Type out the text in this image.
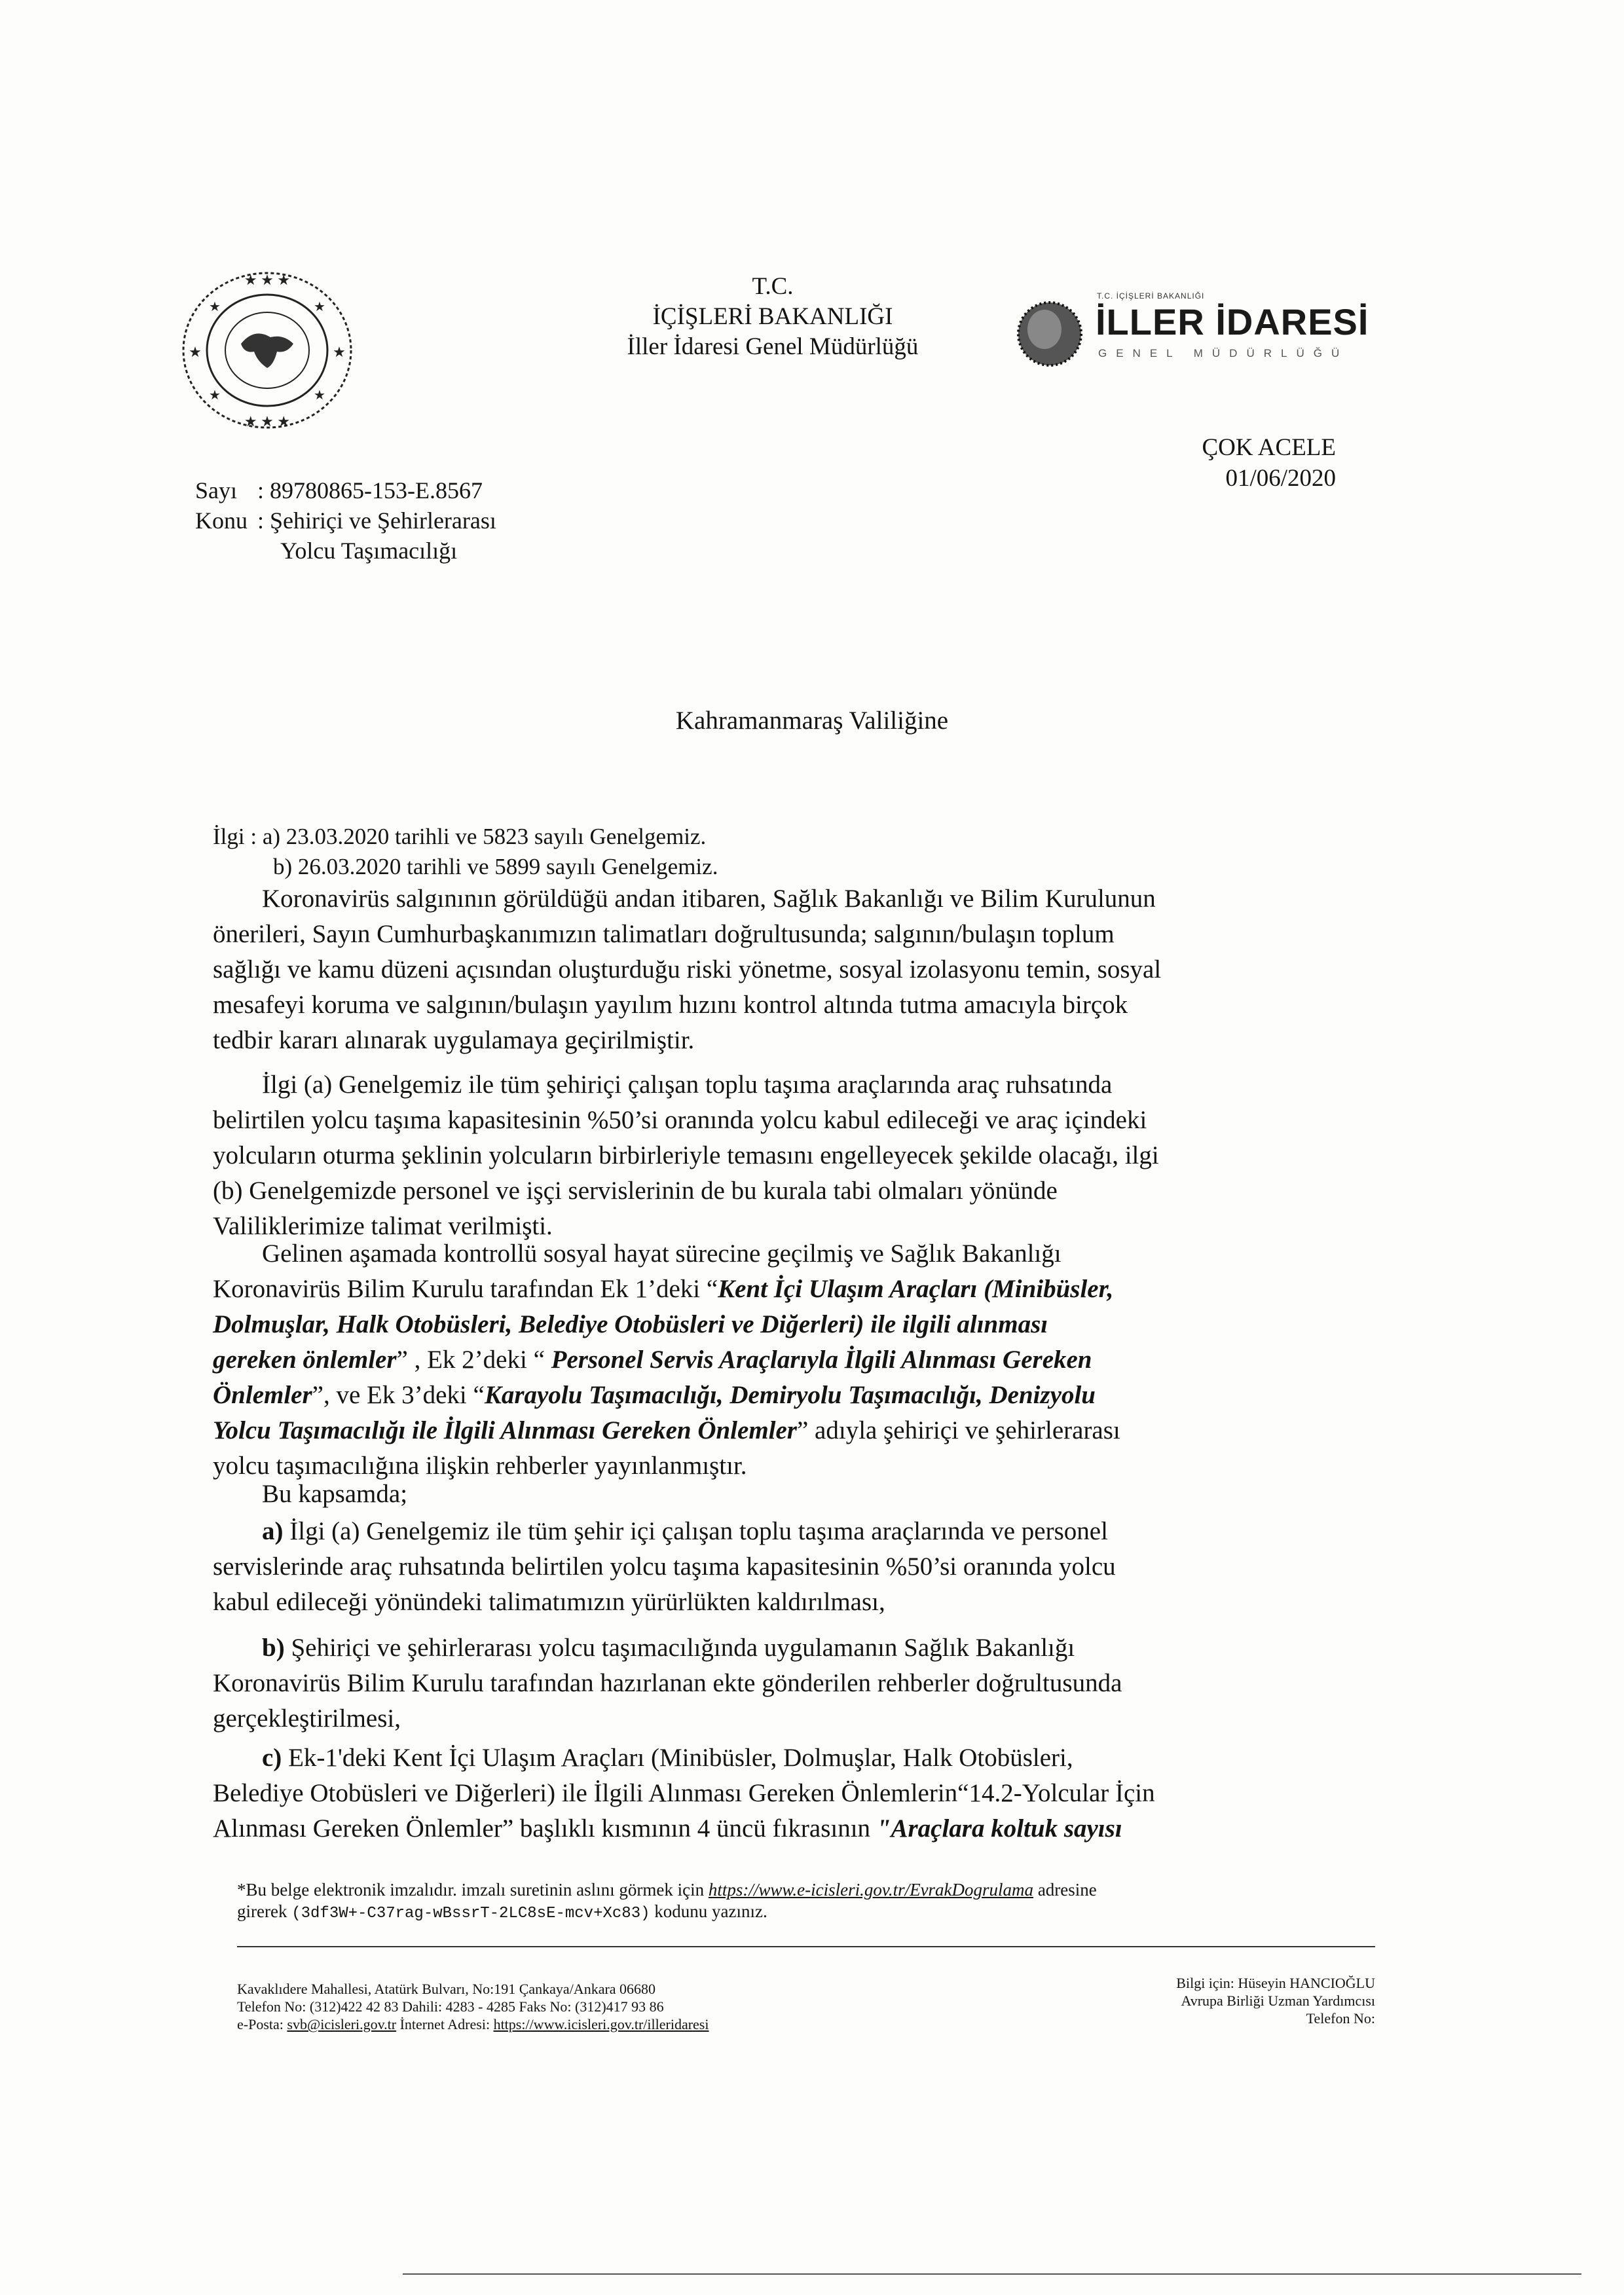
★ ★ ★
★	★
★ ★ ★
★	★
★	★
T.C.
İÇİŞLERİ BAKANLIĞI
İller İdaresi Genel Müdürlüğü
T.C. İÇİŞLERİ BAKANLIĞI
İLLER İDARESİ
GENEL MÜDÜRLÜĞÜ
ÇOK ACELE
01/06/2020
Sayı : 89780865-153-E.8567
Konu : Şehiriçi ve Şehirlerarası
Yolcu Taşımacılığı
Kahramanmaraş Valiliğine
İlgi : a) 23.03.2020 tarihli ve 5823 sayılı Genelgemiz.
b) 26.03.2020 tarihli ve 5899 sayılı Genelgemiz.
Koronavirüs salgınının görüldüğü andan itibaren, Sağlık Bakanlığı ve Bilim Kurulunun
önerileri, Sayın Cumhurbaşkanımızın talimatları doğrultusunda; salgının/bulaşın toplum
sağlığı ve kamu düzeni açısından oluşturduğu riski yönetme, sosyal izolasyonu temin, sosyal
mesafeyi koruma ve salgının/bulaşın yayılım hızını kontrol altında tutma amacıyla birçok
tedbir kararı alınarak uygulamaya geçirilmiştir.
İlgi (a) Genelgemiz ile tüm şehiriçi çalışan toplu taşıma araçlarında araç ruhsatında
belirtilen yolcu taşıma kapasitesinin %50’si oranında yolcu kabul edileceği ve araç içindeki
yolcuların oturma şeklinin yolcuların birbirleriyle temasını engelleyecek şekilde olacağı, ilgi
(b) Genelgemizde personel ve işçi servislerinin de bu kurala tabi olmaları yönünde
Valiliklerimize talimat verilmişti.
Gelinen aşamada kontrollü sosyal hayat sürecine geçilmiş ve Sağlık Bakanlığı
Koronavirüs Bilim Kurulu tarafından Ek 1’deki “Kent İçi Ulaşım Araçları (Minibüsler,
Dolmuşlar, Halk Otobüsleri, Belediye Otobüsleri ve Diğerleri) ile ilgili alınması
gereken önlemler” , Ek 2’deki “ Personel Servis Araçlarıyla İlgili Alınması Gereken
Önlemler”, ve Ek 3’deki “Karayolu Taşımacılığı, Demiryolu Taşımacılığı, Denizyolu
Yolcu Taşımacılığı ile İlgili Alınması Gereken Önlemler” adıyla şehiriçi ve şehirlerarası
yolcu taşımacılığına ilişkin rehberler yayınlanmıştır.
Bu kapsamda;
a) İlgi (a) Genelgemiz ile tüm şehir içi çalışan toplu taşıma araçlarında ve personel
servislerinde araç ruhsatında belirtilen yolcu taşıma kapasitesinin %50’si oranında yolcu
kabul edileceği yönündeki talimatımızın yürürlükten kaldırılması,
b) Şehiriçi ve şehirlerarası yolcu taşımacılığında uygulamanın Sağlık Bakanlığı
Koronavirüs Bilim Kurulu tarafından hazırlanan ekte gönderilen rehberler doğrultusunda
gerçekleştirilmesi,
c) Ek-1'deki Kent İçi Ulaşım Araçları (Minibüsler, Dolmuşlar, Halk Otobüsleri,
Belediye Otobüsleri ve Diğerleri) ile İlgili Alınması Gereken Önlemlerin“14.2-Yolcular İçin
Alınması Gereken Önlemler” başlıklı kısmının 4 üncü fıkrasının "Araçlara koltuk sayısı
*Bu belge elektronik imzalıdır. imzalı suretinin aslını görmek için https://www.e-icisleri.gov.tr/EvrakDogrulama adresine
girerek (3df3W+-C37rag-wBssrT-2LC8sE-mcv+Xc83) kodunu yazınız.
Kavaklıdere Mahallesi, Atatürk Bulvarı, No:191 Çankaya/Ankara 06680
Telefon No: (312)422 42 83 Dahili: 4283 - 4285 Faks No: (312)417 93 86
e-Posta: svb@icisleri.gov.tr İnternet Adresi: https://www.icisleri.gov.tr/illeridaresi
Bilgi için: Hüseyin HANCIOĞLU
Avrupa Birliği Uzman Yardımcısı
Telefon No:
